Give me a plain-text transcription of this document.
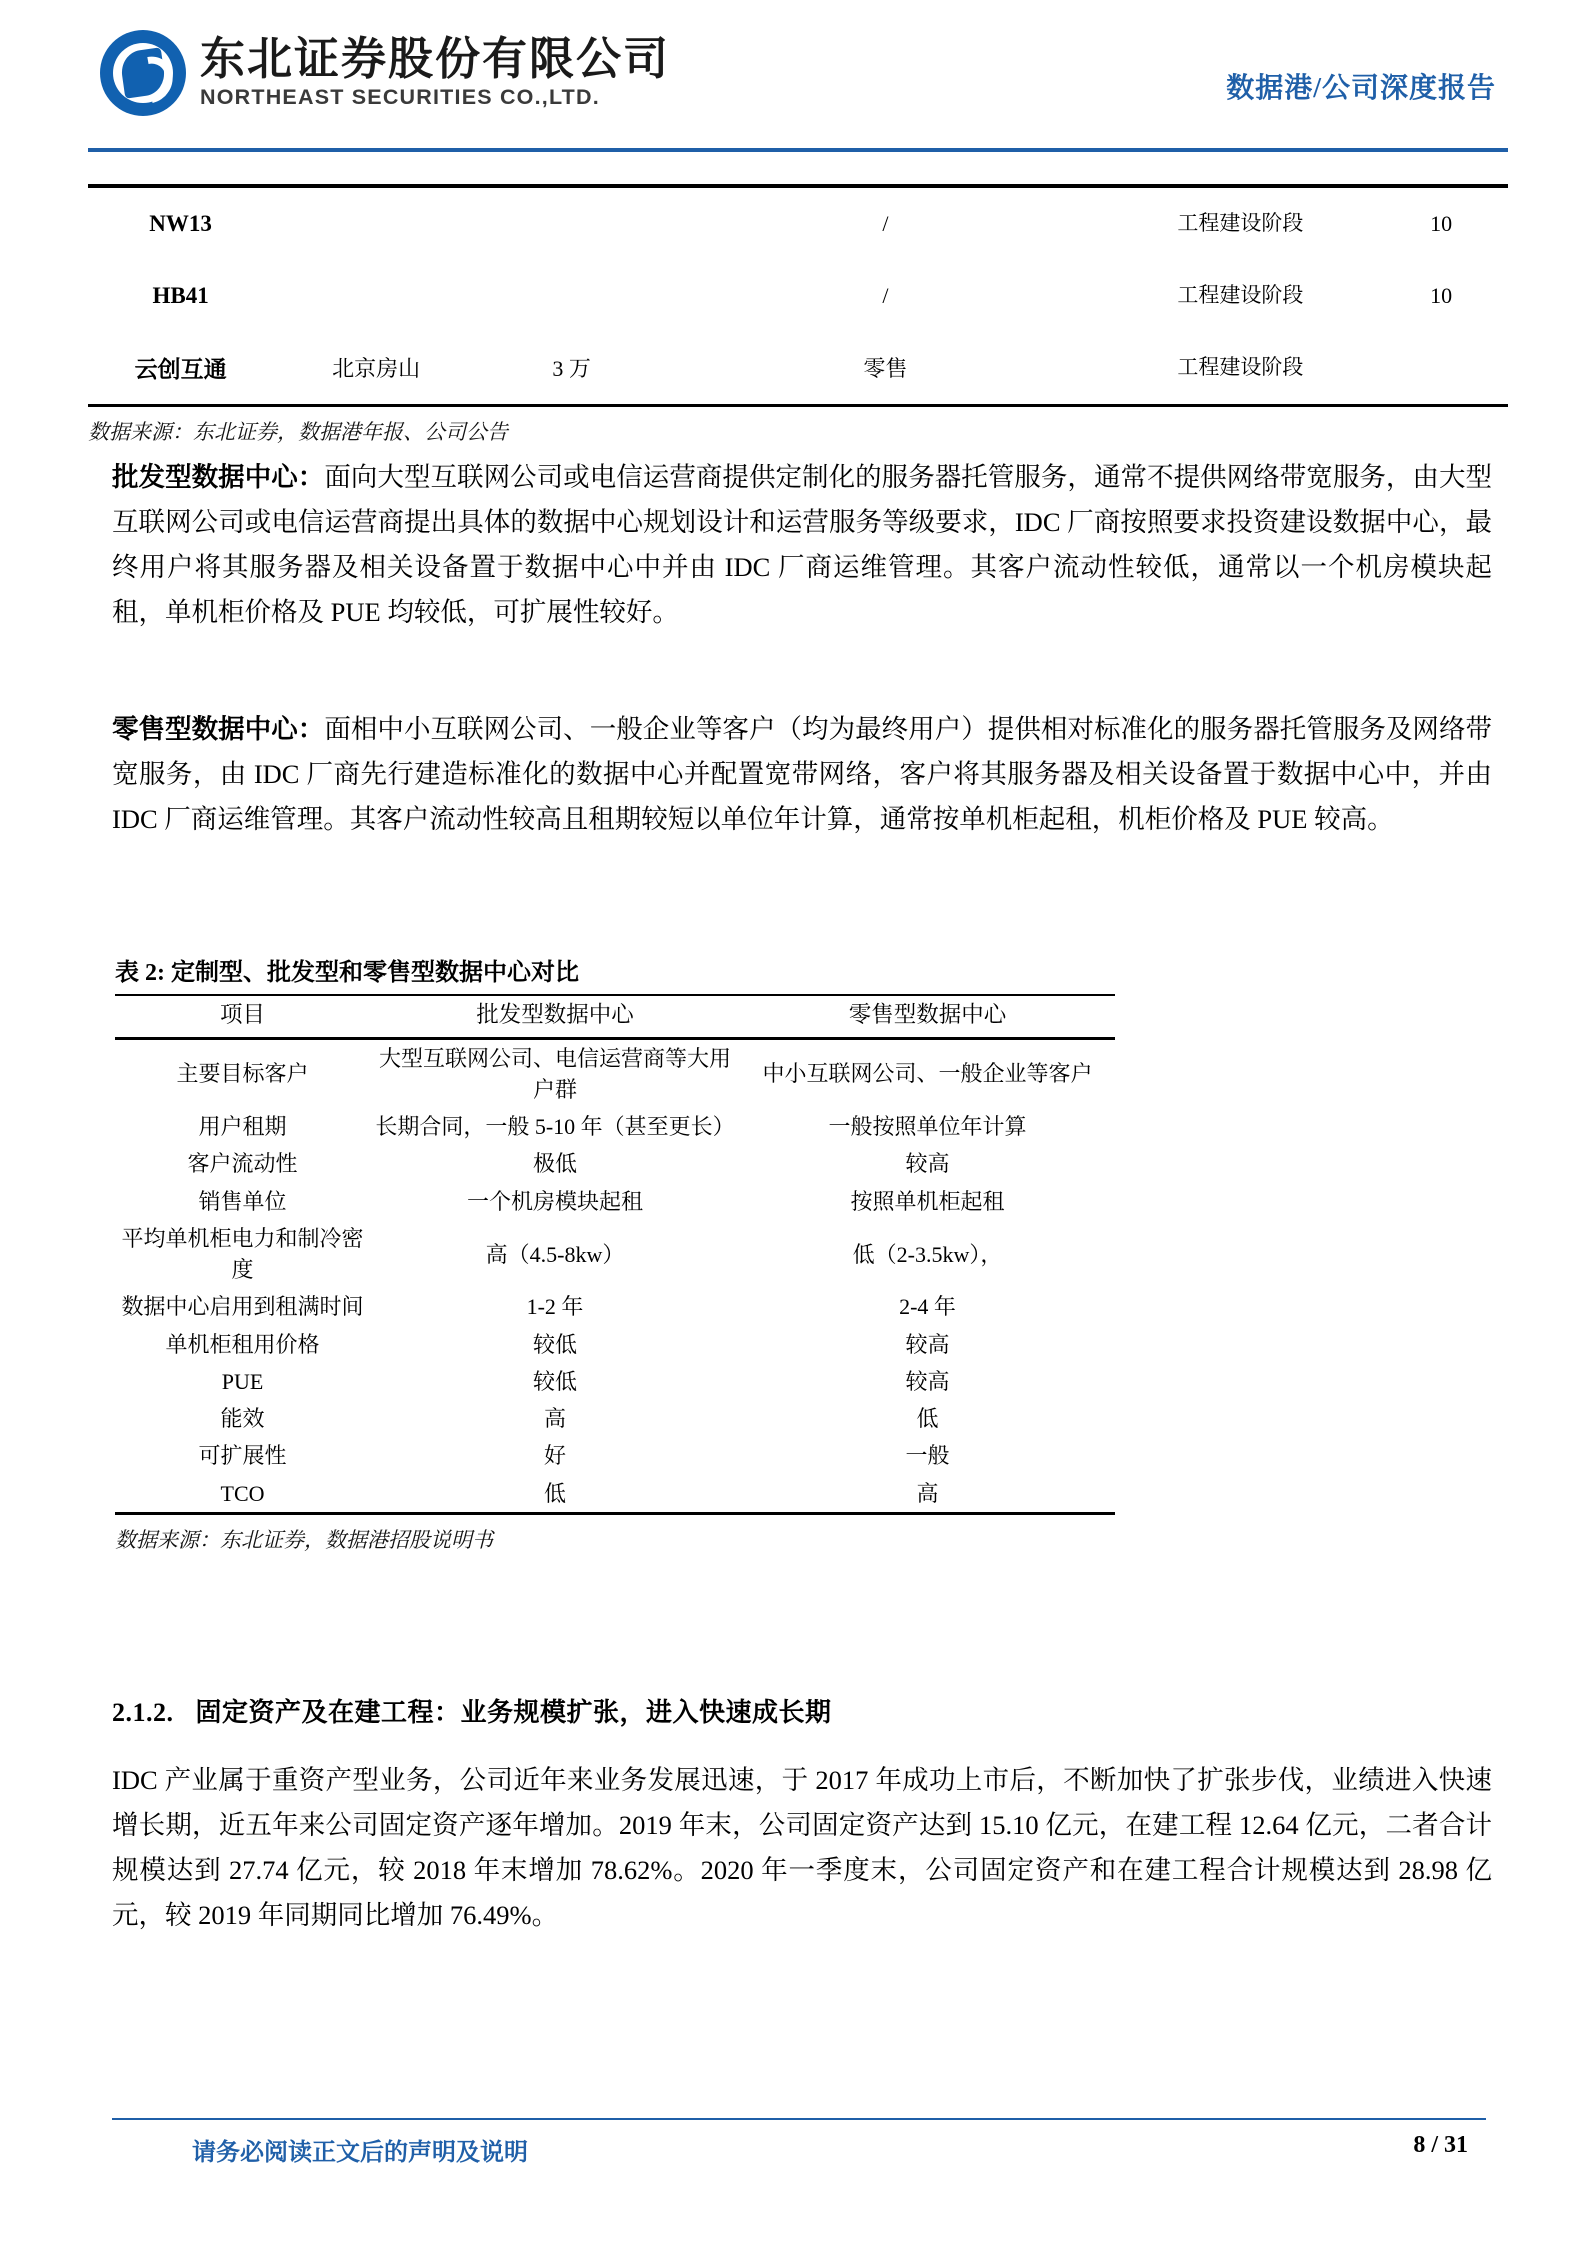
东北证券股份有限公司
NORTHEAST SECURITIES CO.,LTD.	数据港/公司深度报告
NW13			/	工程建设阶段	10
HB41			/	工程建设阶段	10
云创互通	北京房山	3 万	零售	工程建设阶段	
数据来源：东北证券，数据港年报、公司公告
批发型数据中心：面向大型互联网公司或电信运营商提供定制化的服务器托管服务，通常不提供网络带宽服务，由大型互联网公司或电信运营商提出具体的数据中心规划设计和运营服务等级要求，IDC 厂商按照要求投资建设数据中心，最终用户将其服务器及相关设备置于数据中心中并由 IDC 厂商运维管理。其客户流动性较低，通常以一个机房模块起租，单机柜价格及 PUE 均较低，可扩展性较好。
零售型数据中心：面相中小互联网公司、一般企业等客户（均为最终用户）提供相对标准化的服务器托管服务及网络带宽服务，由 IDC 厂商先行建造标准化的数据中心并配置宽带网络，客户将其服务器及相关设备置于数据中心中，并由 IDC 厂商运维管理。其客户流动性较高且租期较短以单位年计算，通常按单机柜起租，机柜价格及 PUE 较高。
表 2: 定制型、批发型和零售型数据中心对比
项目	批发型数据中心	零售型数据中心
主要目标客户	大型互联网公司、电信运营商等大用户群	中小互联网公司、一般企业等客户
用户租期	长期合同，一般 5-10 年（甚至更长）	一般按照单位年计算
客户流动性	极低	较高
销售单位	一个机房模块起租	按照单机柜起租
平均单机柜电力和制冷密度	高（4.5-8kw）	低（2-3.5kw），
数据中心启用到租满时间	1-2 年	2-4 年
单机柜租用价格	较低	较高
PUE	较低	较高
能效	高	低
可扩展性	好	一般
TCO	低	高
数据来源：东北证券，数据港招股说明书
2.1.2. 固定资产及在建工程：业务规模扩张，进入快速成长期
IDC 产业属于重资产型业务，公司近年来业务发展迅速，于 2017 年成功上市后，不断加快了扩张步伐，业绩进入快速增长期，近五年来公司固定资产逐年增加。2019 年末，公司固定资产达到 15.10 亿元，在建工程 12.64 亿元，二者合计规模达到 27.74 亿元，较 2018 年末增加 78.62%。2020 年一季度末，公司固定资产和在建工程合计规模达到 28.98 亿元，较 2019 年同期同比增加 76.49%。
请务必阅读正文后的声明及说明	8 / 31
